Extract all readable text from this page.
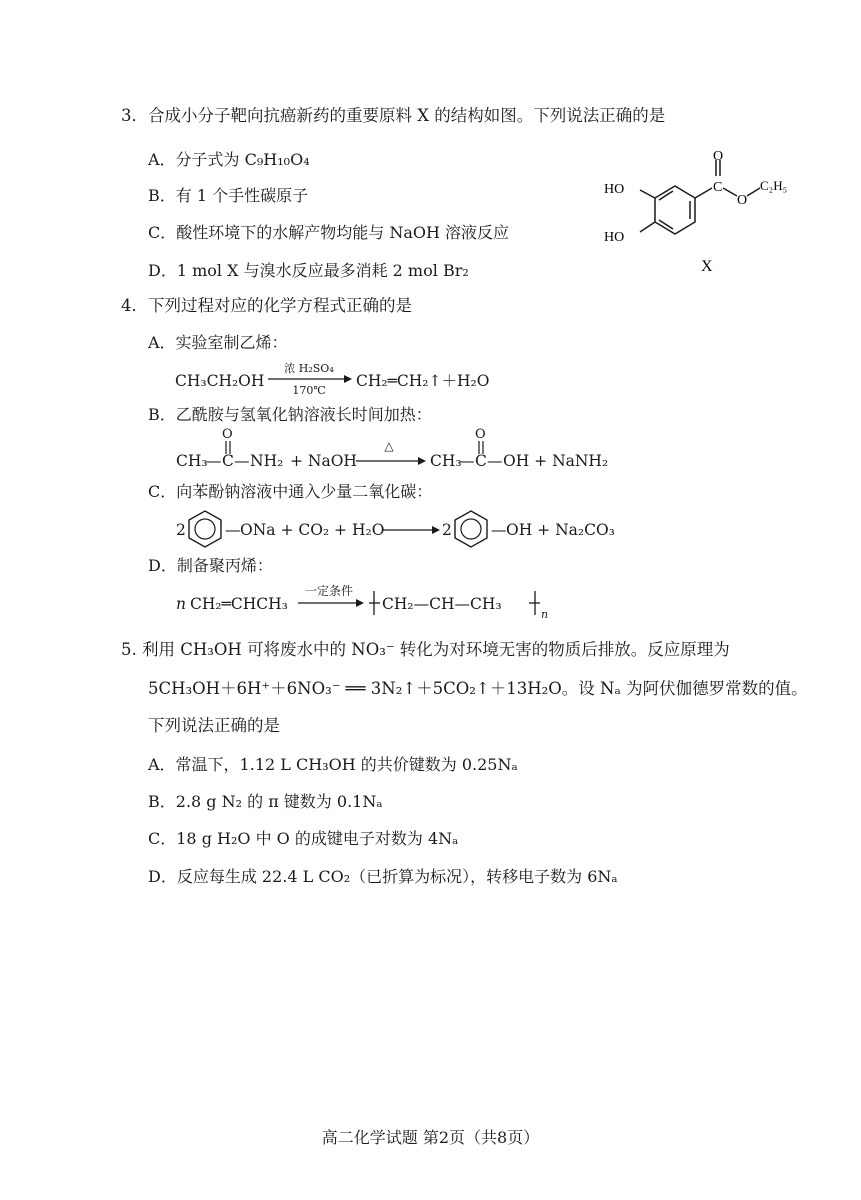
3．合成小分子靶向抗癌新药的重要原料 X 的结构如图。下列说法正确的是
A．分子式为 C₉H₁₀O₄
B．有 1 个手性碳原子
C．酸性环境下的水解产物均能与 NaOH 溶液反应
D．1 mol X 与溴水反应最多消耗 2 mol Br₂
HO
HO
C
O
O
C₂H₅
X
4．下列过程对应的化学方程式正确的是
A．实验室制乙烯：
CH₃CH₂OH
浓 H₂SO₄
170℃
CH₂═CH₂↑＋H₂O
B．乙酰胺与氢氧化钠溶液长时间加热：
O
CH₃
— C — NH₂ + NaOH
△
O
CH₃
— C — OH + NaNH₂
C．向苯酚钠溶液中通入少量二氧化碳：
2	— ONa + CO₂ + H₂O	2	— OH + Na₂CO₃
D．制备聚丙烯：
n CH₂═CHCH₃
一定条件
CH₂—CH—CH₃
n
5. 利用 CH₃OH 可将废水中的 NO₃⁻ 转化为对环境无害的物质后排放。反应原理为
5CH₃OH＋6H⁺＋6NO₃⁻ ══ 3N₂↑＋5CO₂↑＋13H₂O。设 Nₐ 为阿伏伽德罗常数的值。
下列说法正确的是
A．常温下，1.12 L CH₃OH 的共价键数为 0.25Nₐ
B．2.8 g N₂ 的 π 键数为 0.1Nₐ
C．18 g H₂O 中 O 的成键电子对数为 4Nₐ
D．反应每生成 22.4 L CO₂（已折算为标况），转移电子数为 6Nₐ
高二化学试题 第2页（共8页）
